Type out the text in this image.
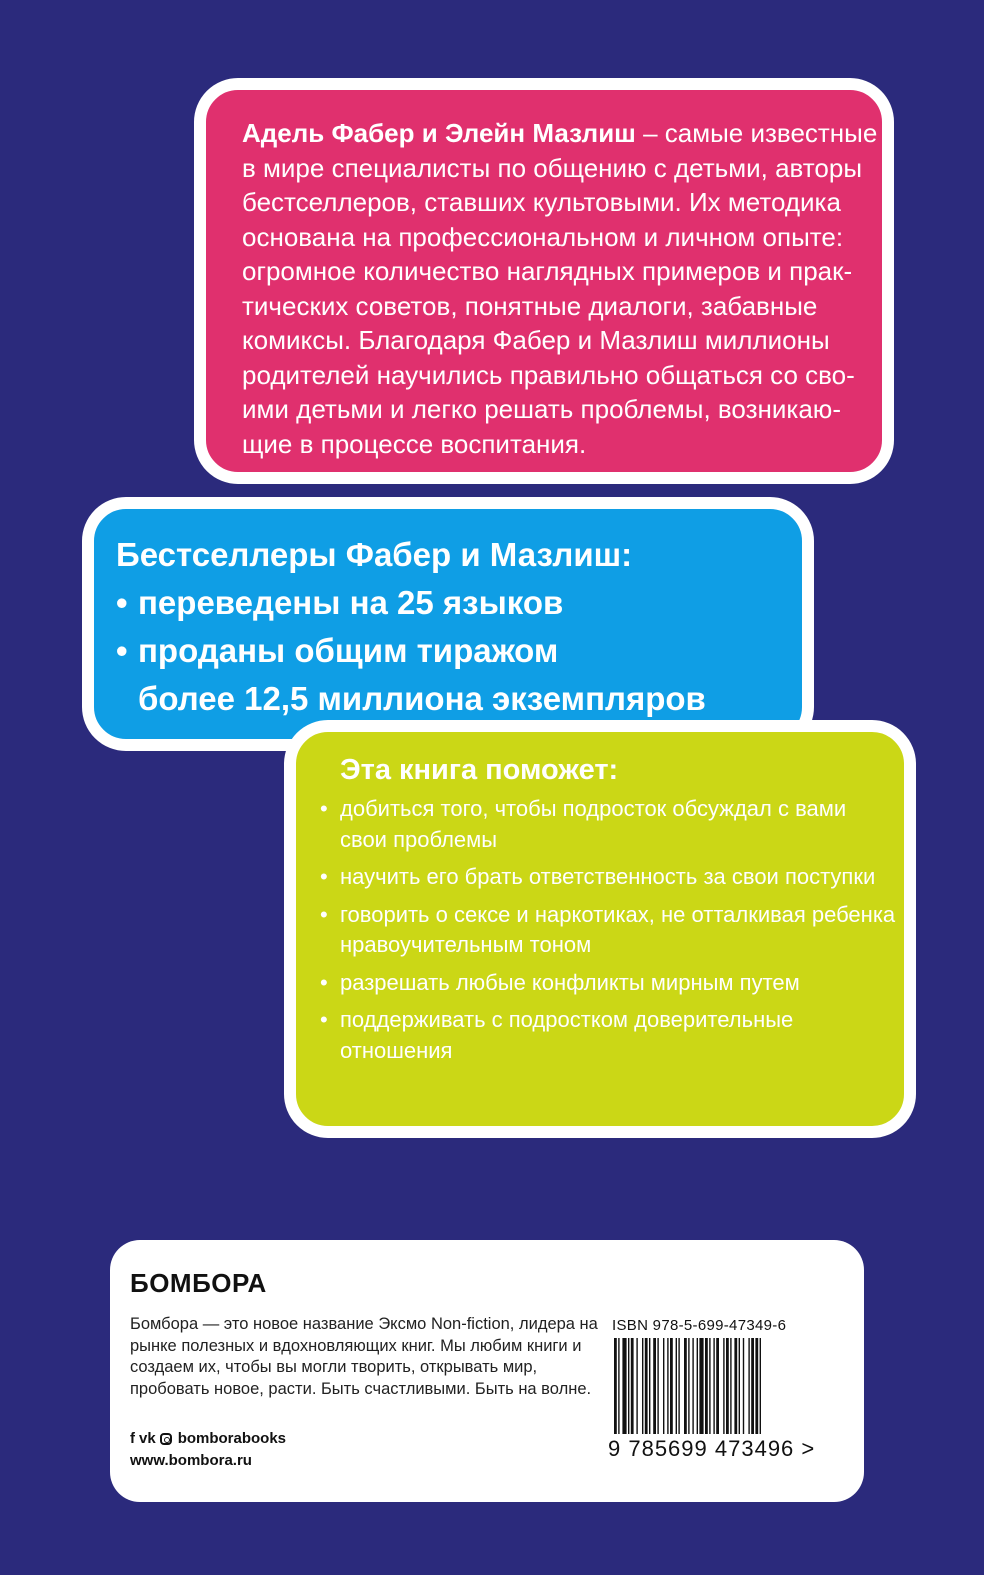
Адель Фабер и Элейн Мазлиш – самые известные в мире специалисты по общению с детьми, авторы бестселлеров, ставших культовыми. Их методика основана на профессиональном и личном опыте: огромное количество наглядных примеров и практических советов, понятные диалоги, забавные комиксы. Благодаря Фабер и Мазлиш миллионы родителей научились правильно общаться со своими детьми и легко решать проблемы, возникающие в процессе воспитания.
Бестселлеры Фабер и Мазлиш:
• переведены на 25 языков
• проданы общим тиражом
более 12,5 миллиона экземпляров
Эта книга поможет:
• добиться того, чтобы подросток обсуждал с вами свои проблемы
• научить его брать ответственность за свои поступки
• говорить о сексе и наркотиках, не отталкивая ребенка нравоучительным тоном
• разрешать любые конфликты мирным путем
• поддерживать с подростком доверительные отношения
БОМБОРА
Бомбора — это новое название Эксмо Non-fiction, лидера на рынке полезных и вдохновляющих книг. Мы любим книги и создаем их, чтобы вы могли творить, открывать мир, пробовать новое, расти. Быть счастливыми. Быть на волне.
f vk bomborabooks
www.bombora.ru
ISBN 978-5-699-47349-6
9 785699 473496 >
